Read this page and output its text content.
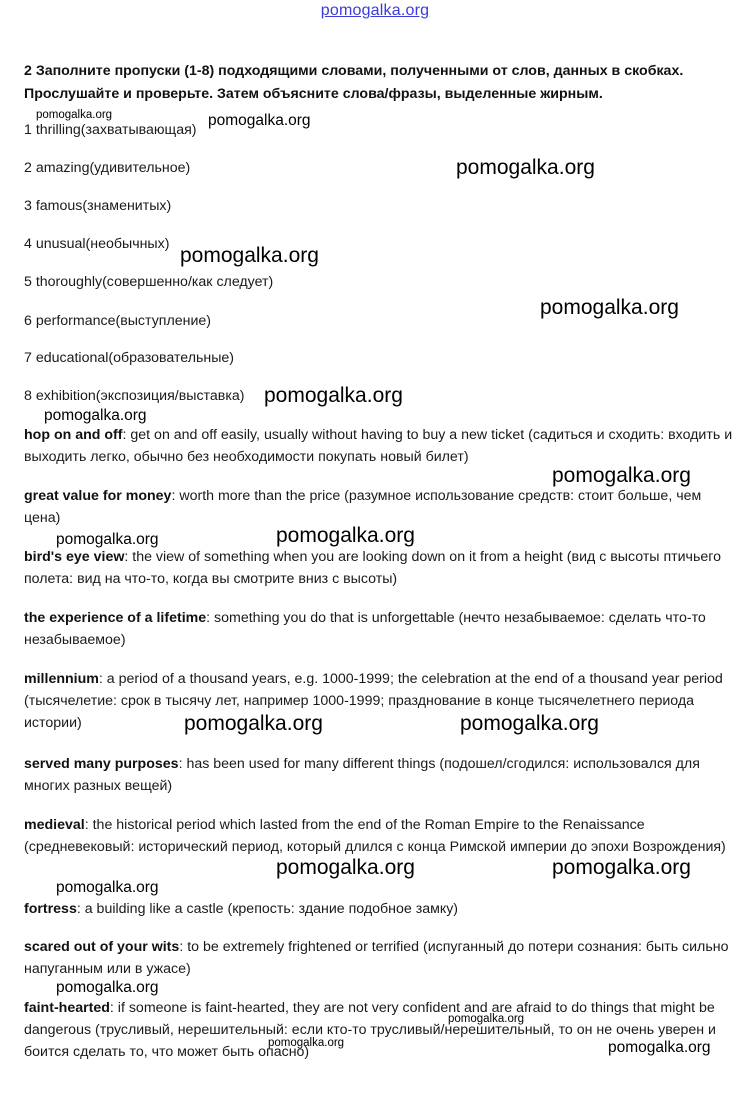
pomogalka.org
2 Заполните пропуски (1-8) подходящими словами, полученными от слов, данных в скобках.
Прослушайте и проверьте. Затем объясните слова/фразы, выделенные жирным.
1 thrilling(захватывающая)
2 amazing(удивительное)
3 famous(знаменитых)
4 unusual(необычных)
5 thoroughly(совершенно/как следует)
6 performance(выступление)
7 educational(образовательные)
8 exhibition(экспозиция/выставка)
hop on and off: get on and off easily, usually without having to buy a new ticket (садиться и сходить: входить и выходить легко, обычно без необходимости покупать новый билет)
great value for money: worth more than the price (разумное использование средств: стоит больше, чем цена)
bird's eye view: the view of something when you are looking down on it from a height (вид с высоты птичьего полета: вид на что-то, когда вы смотрите вниз с высоты)
the experience of a lifetime: something you do that is unforgettable (нечто незабываемое: сделать что-то незабываемое)
millennium: a period of a thousand years, e.g. 1000-1999; the celebration at the end of a thousand year period (тысячелетие: срок в тысячу лет, например 1000-1999; празднование в конце тысячелетнего периода истории)
served many purposes: has been used for many different things (подошел/сгодился: использовался для многих разных вещей)
medieval: the historical period which lasted from the end of the Roman Empire to the Renaissance (средневековый: исторический период, который длился с конца Римской империи до эпохи Возрождения)
fortress: a building like a castle (крепость: здание подобное замку)
scared out of your wits: to be extremely frightened or terrified (испуганный до потери сознания: быть сильно напуганным или в ужасе)
faint-hearted: if someone is faint-hearted, they are not very confident and are afraid to do things that might be dangerous (трусливый, нерешительный: если кто-то трусливый/нерешительный, то он не очень уверен и боится сделать то, что может быть опасно)
pomogalka.org	pomogalka.org
pomogalka.org
pomogalka.org
pomogalka.org
pomogalka.org
pomogalka.org
pomogalka.org
pomogalka.org	pomogalka.org
pomogalka.org	pomogalka.org
pomogalka.org	pomogalka.org
pomogalka.org
pomogalka.org
pomogalka.org
pomogalka.org	pomogalka.org
